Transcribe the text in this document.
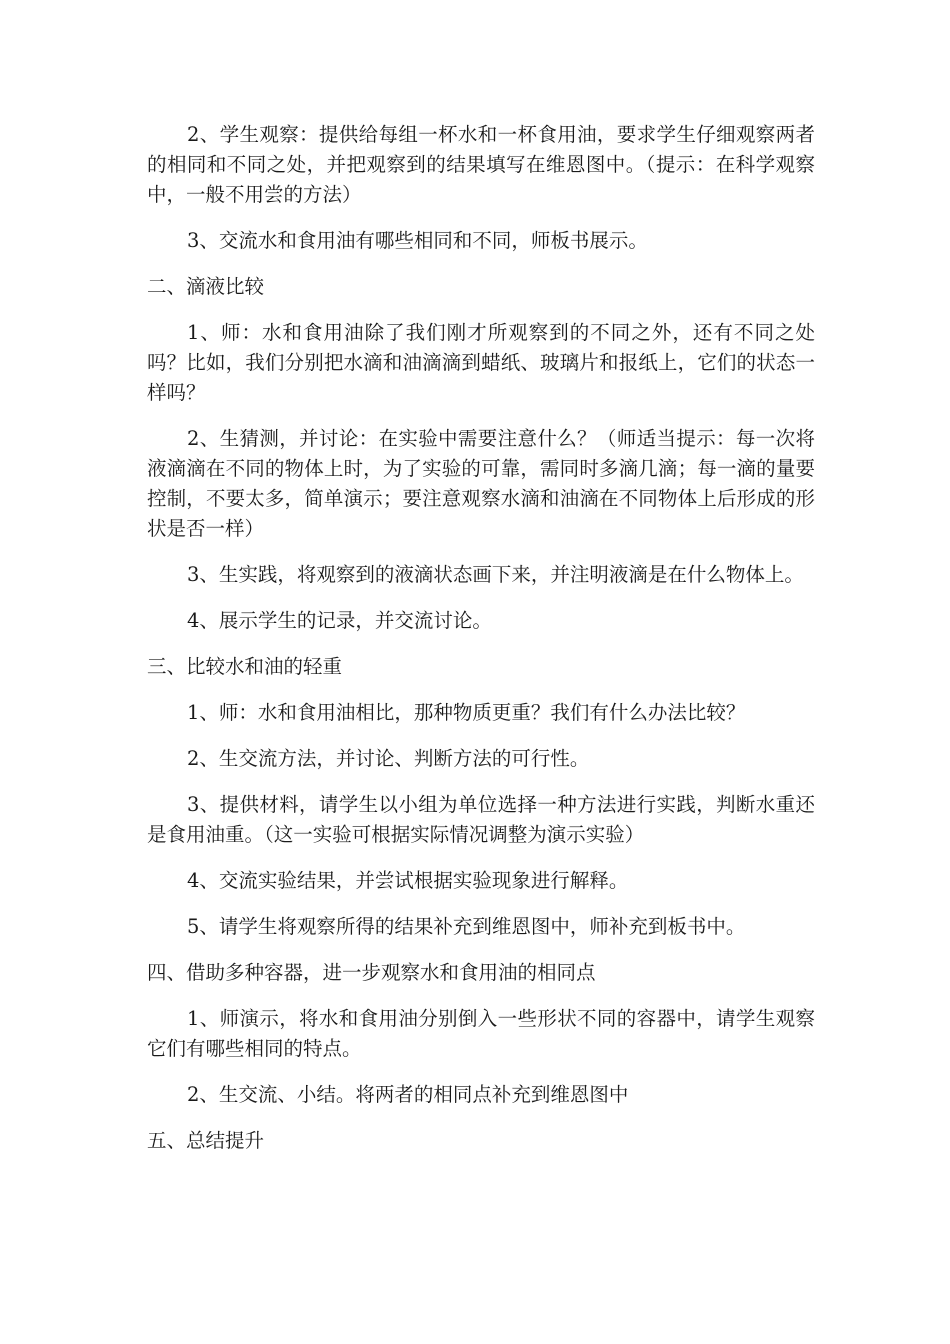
2、学生观察：提供给每组一杯水和一杯食用油，要求学生仔细观察两者的相同和不同之处，并把观察到的结果填写在维恩图中。（提示：在科学观察中，一般不用尝的方法）

3、交流水和食用油有哪些相同和不同，师板书展示。

二、滴液比较

1、师：水和食用油除了我们刚才所观察到的不同之外，还有不同之处吗？比如，我们分别把水滴和油滴滴到蜡纸、玻璃片和报纸上，它们的状态一样吗？

2、生猜测，并讨论：在实验中需要注意什么？（师适当提示：每一次将液滴滴在不同的物体上时，为了实验的可靠，需同时多滴几滴；每一滴的量要控制，不要太多，简单演示；要注意观察水滴和油滴在不同物体上后形成的形状是否一样）

3、生实践，将观察到的液滴状态画下来，并注明液滴是在什么物体上。

4、展示学生的记录，并交流讨论。

三、比较水和油的轻重

1、师：水和食用油相比，那种物质更重？我们有什么办法比较？

2、生交流方法，并讨论、判断方法的可行性。

3、提供材料，请学生以小组为单位选择一种方法进行实践，判断水重还是食用油重。（这一实验可根据实际情况调整为演示实验）

4、交流实验结果，并尝试根据实验现象进行解释。

5、请学生将观察所得的结果补充到维恩图中，师补充到板书中。

四、借助多种容器，进一步观察水和食用油的相同点

1、师演示，将水和食用油分别倒入一些形状不同的容器中，请学生观察它们有哪些相同的特点。

2、生交流、小结。将两者的相同点补充到维恩图中

五、总结提升
